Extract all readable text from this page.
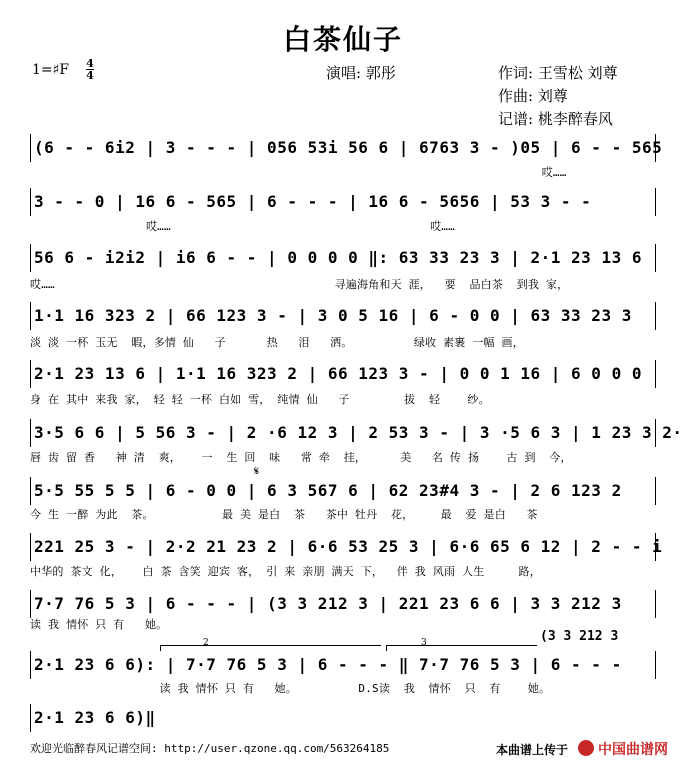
白茶仙子
1=♯F 4
4	演唱: 郭彤	作词: 王雪松 刘尊
作曲: 刘尊
记谱: 桃李醉春风
(6 - - 6i2 | 3 - - - | 056 53i 56 6 | 6763 3 - )05 | 6 - - 565
哎……
3 - - 0 | 16 6 - 565 | 6 - - - | 16 6 - 5656 | 53 3 - -
哎……                                      哎……
56 6 - i2i2 | i6 6 - - | 0 0 0 0 ‖: 63 33 23 3 | 2·1 23 13 6
哎……                                         寻遍海角和天 涯，  要  品白茶  到我 家，
1·1 16 323 2 | 66 123 3 - | 3 0 5 16 | 6 - 0 0 | 63 33 23 3
淡 淡 一杯 玉无  暇，多情 仙   子      热   泪   洒。         绿收 素裹 一幅 画，
2·1 23 13 6 | 1·1 16 323 2 | 66 123 3 - | 0 0 1 16 | 6 0 0 0
身 在 其中 来我 家， 轻 轻 一杯 白如 雪， 纯情 仙   子        拔  轻    纱。
3·5 6 6 | 5 56 3 - | 2 ·6 12 3 | 2 53 3 - | 3 ·5 6 3 | 1 23 3 2·
唇 齿 留 香   神 清  爽，   一  生 回  味   常 牵  挂，     美   名 传 扬    古 到  今，
5·5 55 5 5 | 6 - 0 0 | 6 3 567 6 | 62 23#4 3 - | 2 6 123 2
𝄋
今 生 一醉 为此  茶。          最 美 是白  茶   茶中 牡丹  花，    最  爱 是白   茶
221 25 3 - | 2·2 21 23 2 | 6·6 53 25 3 | 6·6 65 6 12 | 2 - - i
中华的 茶文 化，   白 茶 含笑 迎宾 客， 引 来 亲朋 满天 下，  伴 我 风雨 人生     路，
7·7 76 5 3 | 6 - - - | (3 3 212 3 | 221 23 6 6 | 3 3 212 3
读 我 情怀 只 有   她。
(3 3 212 3
2	3
2·1 23 6 6): | 7·7 76 5 3 | 6 - - - ‖ 7·7 76 5 3 | 6 - - -
读 我 情怀 只 有   她。         D.S读  我  情怀  只  有    她。
2·1 23 6 6)‖
欢迎光临醉春风记谱空间: http://user.qzone.qq.com/563264185	本曲谱上传于 中国曲谱网
